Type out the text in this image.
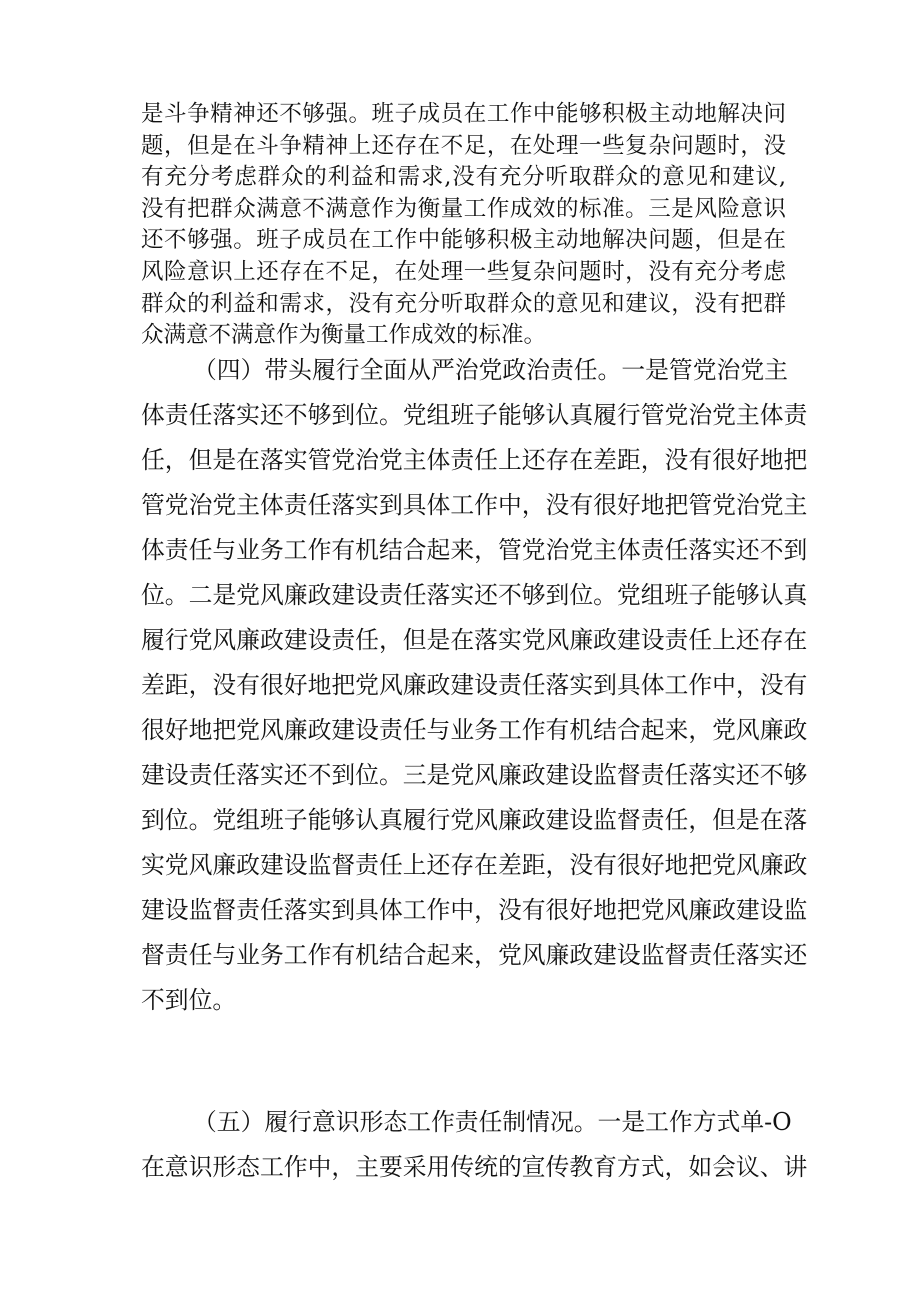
是斗争精神还不够强。班子成员在工作中能够积极主动地解决问
题，但是在斗争精神上还存在不足，在处理一些复杂问题时，没
有充分考虑群众的利益和需求,没有充分听取群众的意见和建议,
没有把群众满意不满意作为衡量工作成效的标准。三是风险意识
还不够强。班子成员在工作中能够积极主动地解决问题，但是在
风险意识上还存在不足，在处理一些复杂问题时，没有充分考虑
群众的利益和需求，没有充分听取群众的意见和建议，没有把群
众满意不满意作为衡量工作成效的标准。
（四）带头履行全面从严治党政治责任。一是管党治党主
体责任落实还不够到位。党组班子能够认真履行管党治党主体责
任，但是在落实管党治党主体责任上还存在差距，没有很好地把
管党治党主体责任落实到具体工作中，没有很好地把管党治党主
体责任与业务工作有机结合起来，管党治党主体责任落实还不到
位。二是党风廉政建设责任落实还不够到位。党组班子能够认真
履行党风廉政建设责任，但是在落实党风廉政建设责任上还存在
差距，没有很好地把党风廉政建设责任落实到具体工作中，没有
很好地把党风廉政建设责任与业务工作有机结合起来，党风廉政
建设责任落实还不到位。三是党风廉政建设监督责任落实还不够
到位。党组班子能够认真履行党风廉政建设监督责任，但是在落
实党风廉政建设监督责任上还存在差距，没有很好地把党风廉政
建设监督责任落实到具体工作中，没有很好地把党风廉政建设监
督责任与业务工作有机结合起来，党风廉政建设监督责任落实还
不到位。
（五）履行意识形态工作责任制情况。一是工作方式单-O
在意识形态工作中，主要采用传统的宣传教育方式，如会议、讲
